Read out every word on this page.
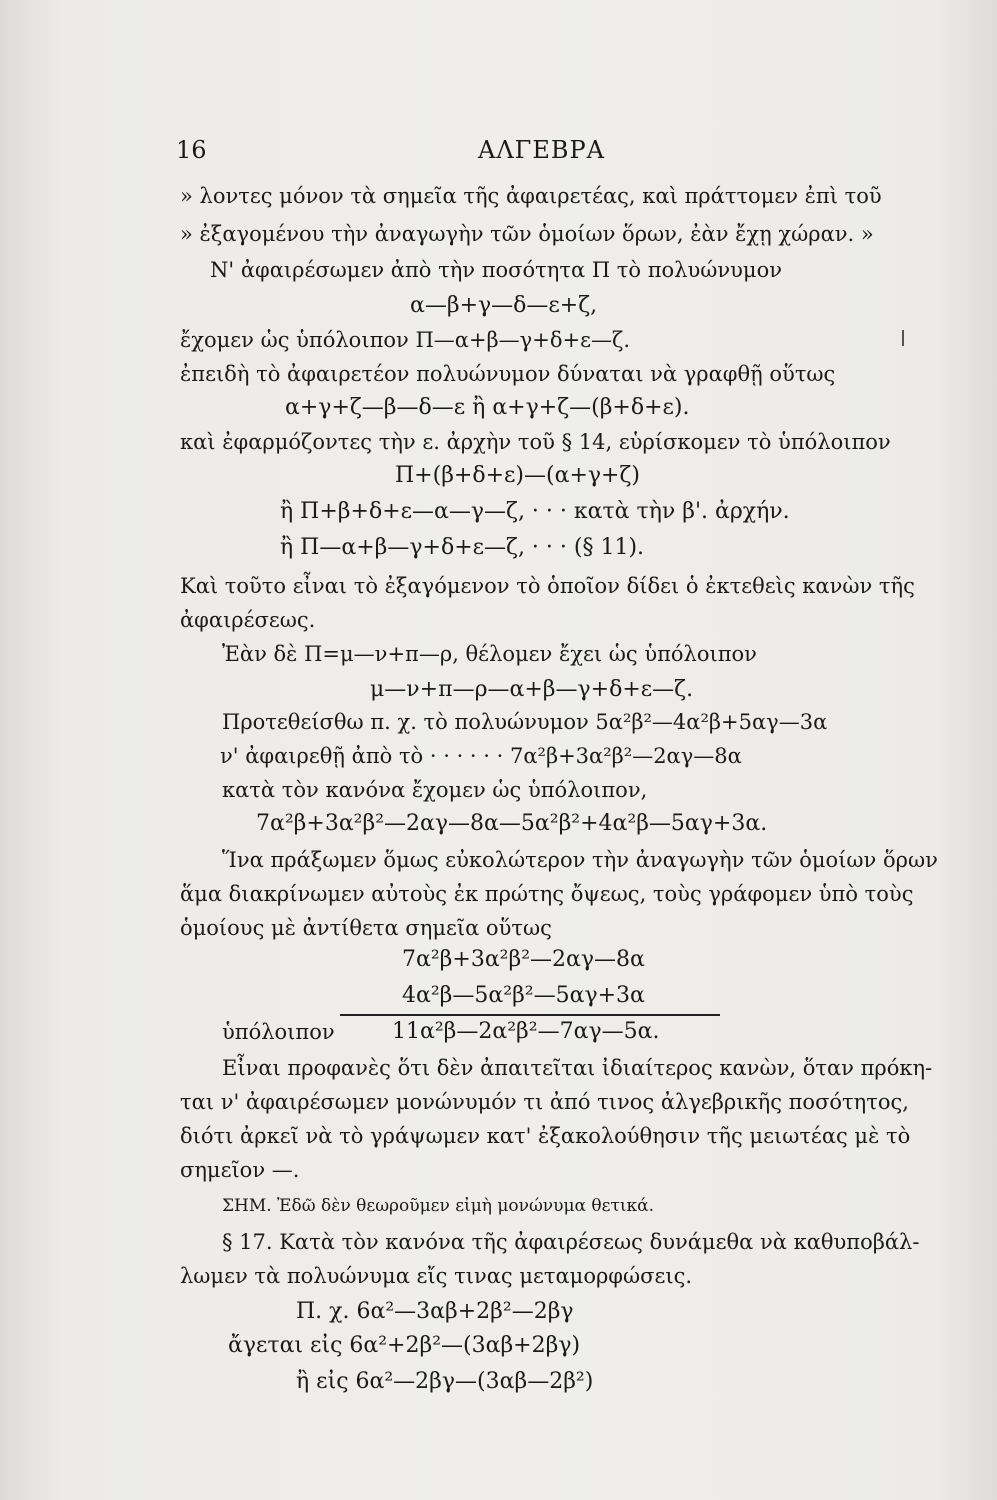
16	ΑΛΓΕΒΡΑ
» λοντες μόνον τὰ σημεῖα τῆς ἀφαιρετέας, καὶ πράττομεν ἐπὶ τοῦ
» ἐξαγομένου τὴν ἀναγωγὴν τῶν ὁμοίων ὅρων, ἐὰν ἔχῃ χώραν. »
Ν' ἀφαιρέσωμεν ἀπὸ τὴν ποσότητα Π τὸ πολυώνυμον
α—β+γ—δ—ε+ζ,
ἔχομεν ὡς ὑπόλοιπον Π—α+β—γ+δ+ε—ζ.
ἐπειδὴ τὸ ἀφαιρετέον πολυώνυμον δύναται νὰ γραφθῇ οὕτως
α+γ+ζ—β—δ—ε ἢ α+γ+ζ—(β+δ+ε).
καὶ ἐφαρμόζοντες τὴν ε. ἀρχὴν τοῦ § 14, εὑρίσκομεν τὸ ὑπόλοιπον
Π+(β+δ+ε)—(α+γ+ζ)
ἢ Π+β+δ+ε—α—γ—ζ, · · · κατὰ τὴν β'. ἀρχήν.
ἢ Π—α+β—γ+δ+ε—ζ, · · · (§ 11).
Καὶ τοῦτο εἶναι τὸ ἐξαγόμενον τὸ ὁποῖον δίδει ὁ ἐκτεθεὶς κανὼν τῆς
ἀφαιρέσεως.
Ἐὰν δὲ Π=μ—ν+π—ρ, θέλομεν ἔχει ὡς ὑπόλοιπον
μ—ν+π—ρ—α+β—γ+δ+ε—ζ.
Προτεθείσθω π. χ. τὸ πολυώνυμον 5α²β²—4α²β+5αγ—3α
ν' ἀφαιρεθῇ ἀπὸ τὸ · · · · · · 7α²β+3α²β²—2αγ—8α
κατὰ τὸν κανόνα ἔχομεν ὡς ὑπόλοιπον,
7α²β+3α²β²—2αγ—8α—5α²β²+4α²β—5αγ+3α.
Ἵνα πράξωμεν ὅμως εὐκολώτερον τὴν ἀναγωγὴν τῶν ὁμοίων ὅρων
ἅμα διακρίνωμεν αὐτοὺς ἐκ πρώτης ὄψεως, τοὺς γράφομεν ὑπὸ τοὺς
ὁμοίους μὲ ἀντίθετα σημεῖα οὕτως
7α²β+3α²β²—2αγ—8α
4α²β—5α²β²—5αγ+3α
ὑπόλοιπον	11α²β—2α²β²—7αγ—5α.
Εἶναι προφανὲς ὅτι δὲν ἀπαιτεῖται ἰδιαίτερος κανὼν, ὅταν πρόκη-
ται ν' ἀφαιρέσωμεν μονώνυμόν τι ἀπό τινος ἀλγεβρικῆς ποσότητος,
διότι ἀρκεῖ νὰ τὸ γράψωμεν κατ' ἐξακολούθησιν τῆς μειωτέας μὲ τὸ
σημεῖον —.
ΣΗΜ. Ἐδῶ δὲν θεωροῦμεν εἰμὴ μονώνυμα θετικά.
§ 17. Κατὰ τὸν κανόνα τῆς ἀφαιρέσεως δυνάμεθα νὰ καθυποβάλ-
λωμεν τὰ πολυώνυμα εἴς τινας μεταμορφώσεις.
Π. χ. 6α²—3αβ+2β²—2βγ
ἄγεται εἰς 6α²+2β²—(3αβ+2βγ)
ἢ εἰς 6α²—2βγ—(3αβ—2β²)
